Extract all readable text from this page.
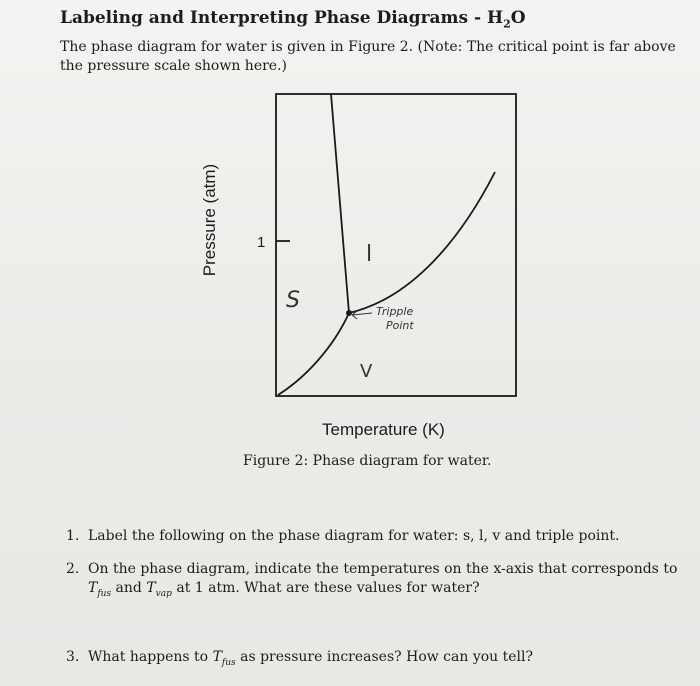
Labeling and Interpreting Phase Diagrams - $H_2O$
The phase diagram for water is given in Figure 2. (Note: The critical point is far above the pressure scale shown here.)
Pressure (atm)	1
Temperature (K)
Figure 2: Phase diagram for water.
S
l
V
Tripple
Point
1. Label the following on the phase diagram for water: s, l, v and triple point.
2. On the phase diagram, indicate the temperatures on the x-axis that corresponds to
$T_{fus}$ and $T_{vap}$ at 1 atm. What are these values for water?
3. What happens to $T_{fus}$ as pressure increases? How can you tell?
